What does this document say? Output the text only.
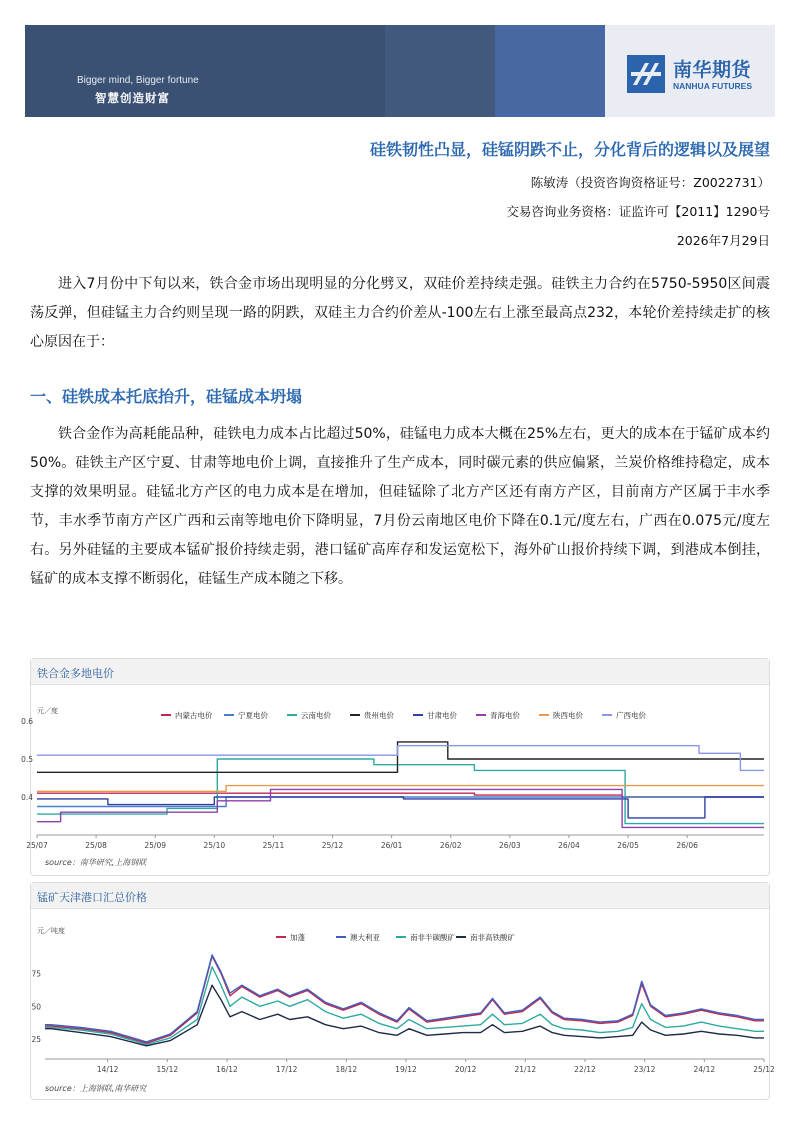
Bigger mind, Bigger fortune
智慧创造财富
南华期货
NANHUA FUTURES
硅铁韧性凸显，硅锰阴跌不止，分化背后的逻辑以及展望
陈敏涛（投资咨询资格证号：Z0022731）
交易咨询业务资格：证监许可【2011】1290号
2026年7月29日
进入7月份中下旬以来，铁合金市场出现明显的分化劈叉，双硅价差持续走强。硅铁主力合约在5750-5950区间震荡反弹，但硅锰主力合约则呈现一路的阴跌，双硅主力合约价差从-100左右上涨至最高点232，本轮价差持续走扩的核心原因在于：
一、硅铁成本托底抬升，硅锰成本坍塌
铁合金作为高耗能品种，硅铁电力成本占比超过50%，硅锰电力成本大概在25%左右，更大的成本在于锰矿成本约50%。硅铁主产区宁夏、甘肃等地电价上调，直接推升了生产成本，同时碳元素的供应偏紧，兰炭价格维持稳定，成本支撑的效果明显。硅锰北方产区的电力成本是在增加，但硅锰除了北方产区还有南方产区，目前南方产区属于丰水季节，丰水季节南方产区广西和云南等地电价下降明显，7月份云南地区电价下降在0.1元/度左右，广西在0.075元/度左右。另外硅锰的主要成本锰矿报价持续走弱，港口锰矿高库存和发运宽松下，海外矿山报价持续下调，到港成本倒挂，锰矿的成本支撑不断弱化，硅锰生产成本随之下移。
铁合金多地电价
元／度
0.4
0.5
0.6
25/07	25/08	25/09	25/10	25/11	25/12	26/01	26/02	26/03	26/04	26/05	26/06
内蒙古电价	宁夏电价	云南电价	贵州电价	甘肃电价	青海电价	陕西电价	广西电价
source：南华研究,上海钢联
锰矿天津港口汇总价格
元／吨度
25
50
75
14/12	15/12	16/12	17/12	18/12	19/12	20/12	21/12	22/12	23/12	24/12	25/12
加蓬	澳大利亚	南非半碳酸矿 南非高铁酸矿
source：上海钢联,南华研究
